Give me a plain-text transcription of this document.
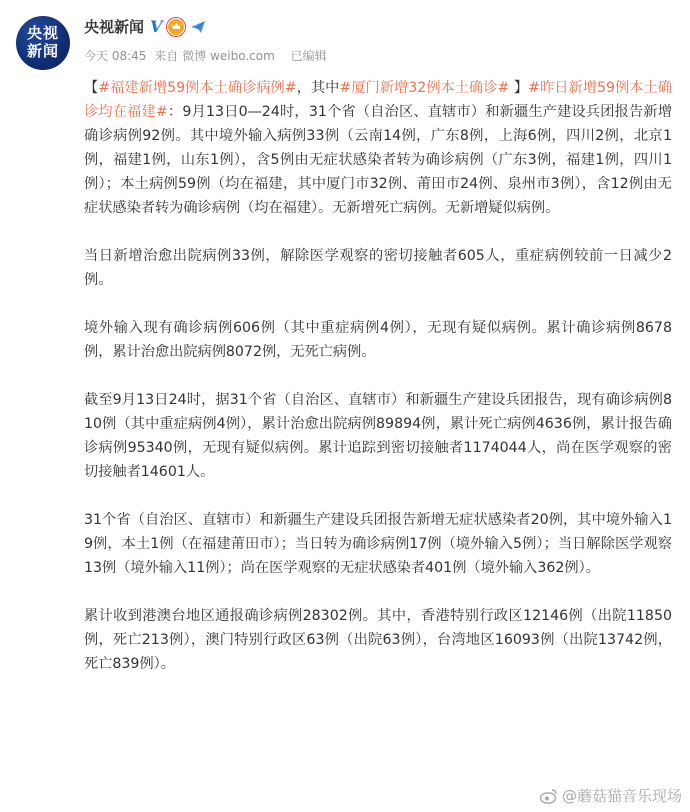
央视
新闻
央视新闻 V
今天 08:45 来自 微博 weibo.com 已编辑

【#福建新增59例本土确诊病例#，其中#厦门新增32例本土确诊# 】#昨日新增59例本土确诊均在福建#：9月13日0—24时，31个省（自治区、直辖市）和新疆生产建设兵团报告新增确诊病例92例。其中境外输入病例33例（云南14例，广东8例，上海6例，四川2例，北京1例，福建1例，山东1例），含5例由无症状感染者转为确诊病例（广东3例，福建1例，四川1例）；本土病例59例（均在福建，其中厦门市32例、莆田市24例、泉州市3例），含12例由无症状感染者转为确诊病例（均在福建）。无新增死亡病例。无新增疑似病例。

当日新增治愈出院病例33例，解除医学观察的密切接触者605人，重症病例较前一日减少2例。

境外输入现有确诊病例606例（其中重症病例4例），无现有疑似病例。累计确诊病例8678例，累计治愈出院病例8072例，无死亡病例。

截至9月13日24时，据31个省（自治区、直辖市）和新疆生产建设兵团报告，现有确诊病例810例（其中重症病例4例），累计治愈出院病例89894例，累计死亡病例4636例，累计报告确诊病例95340例，无现有疑似病例。累计追踪到密切接触者1174044人，尚在医学观察的密切接触者14601人。

31个省（自治区、直辖市）和新疆生产建设兵团报告新增无症状感染者20例，其中境外输入19例，本土1例（在福建莆田市）；当日转为确诊病例17例（境外输入5例）；当日解除医学观察13例（境外输入11例）；尚在医学观察的无症状感染者401例（境外输入362例）。

累计收到港澳台地区通报确诊病例28302例。其中，香港特别行政区12146例（出院11850例，死亡213例），澳门特别行政区63例（出院63例），台湾地区16093例（出院13742例，死亡839例）。

@蘑菇猫音乐现场
